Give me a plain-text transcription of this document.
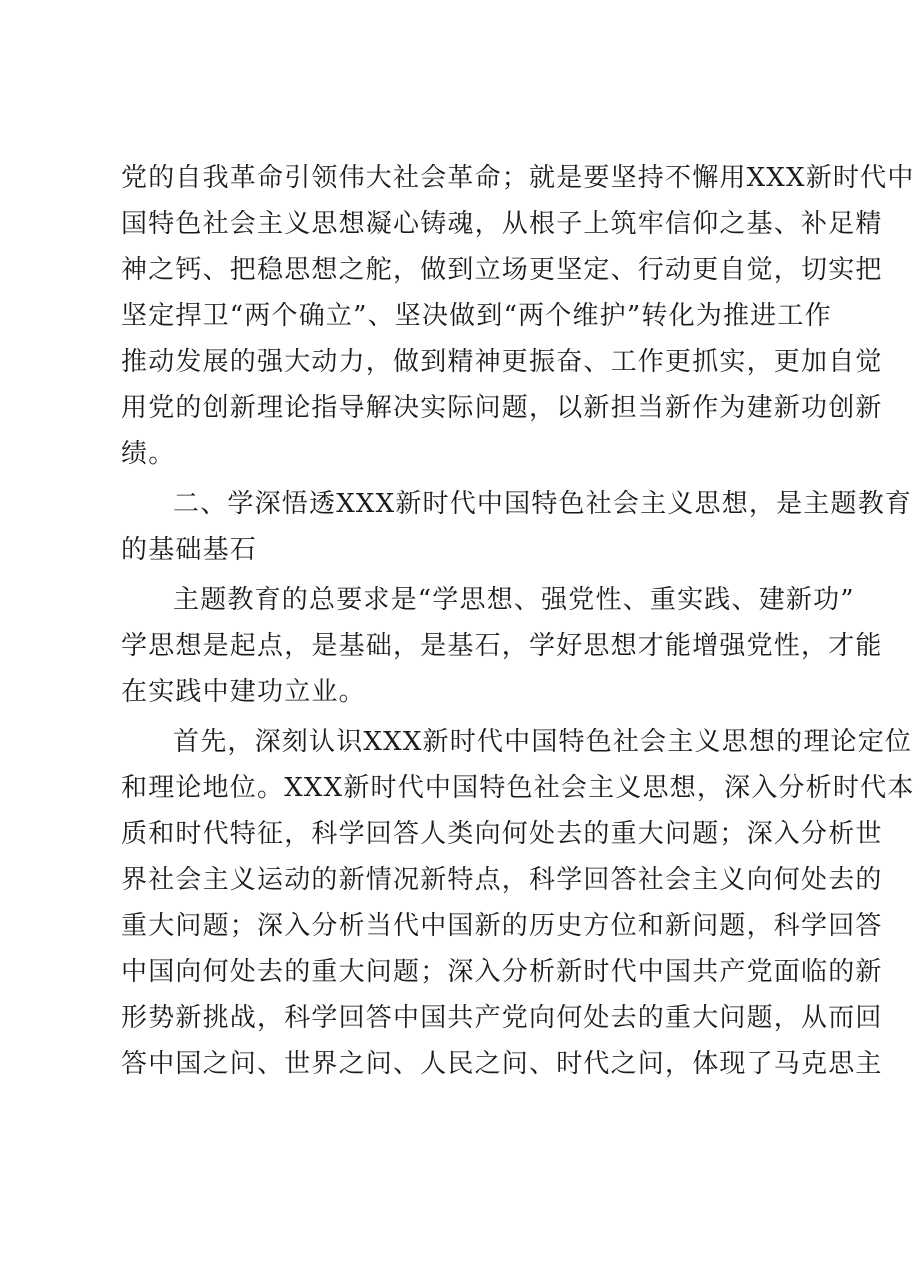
党的自我革命引领伟大社会革命；就是要坚持不懈用XXX新时代中
国特色社会主义思想凝心铸魂，从根子上筑牢信仰之基、补足精
神之钙、把稳思想之舵，做到立场更坚定、行动更自觉，切实把
坚定捍卫“两个确立”、坚决做到“两个维护”转化为推进工作
推动发展的强大动力，做到精神更振奋、工作更抓实，更加自觉
用党的创新理论指导解决实际问题，以新担当新作为建新功创新
绩。
二、学深悟透XXX新时代中国特色社会主义思想，是主题教育
的基础基石
主题教育的总要求是“学思想、强党性、重实践、建新功”
学思想是起点，是基础，是基石，学好思想才能增强党性，才能
在实践中建功立业。
首先，深刻认识XXX新时代中国特色社会主义思想的理论定位
和理论地位。XXX新时代中国特色社会主义思想，深入分析时代本
质和时代特征，科学回答人类向何处去的重大问题；深入分析世
界社会主义运动的新情况新特点，科学回答社会主义向何处去的
重大问题；深入分析当代中国新的历史方位和新问题，科学回答
中国向何处去的重大问题；深入分析新时代中国共产党面临的新
形势新挑战，科学回答中国共产党向何处去的重大问题，从而回
答中国之问、世界之问、人民之问、时代之问，体现了马克思主
